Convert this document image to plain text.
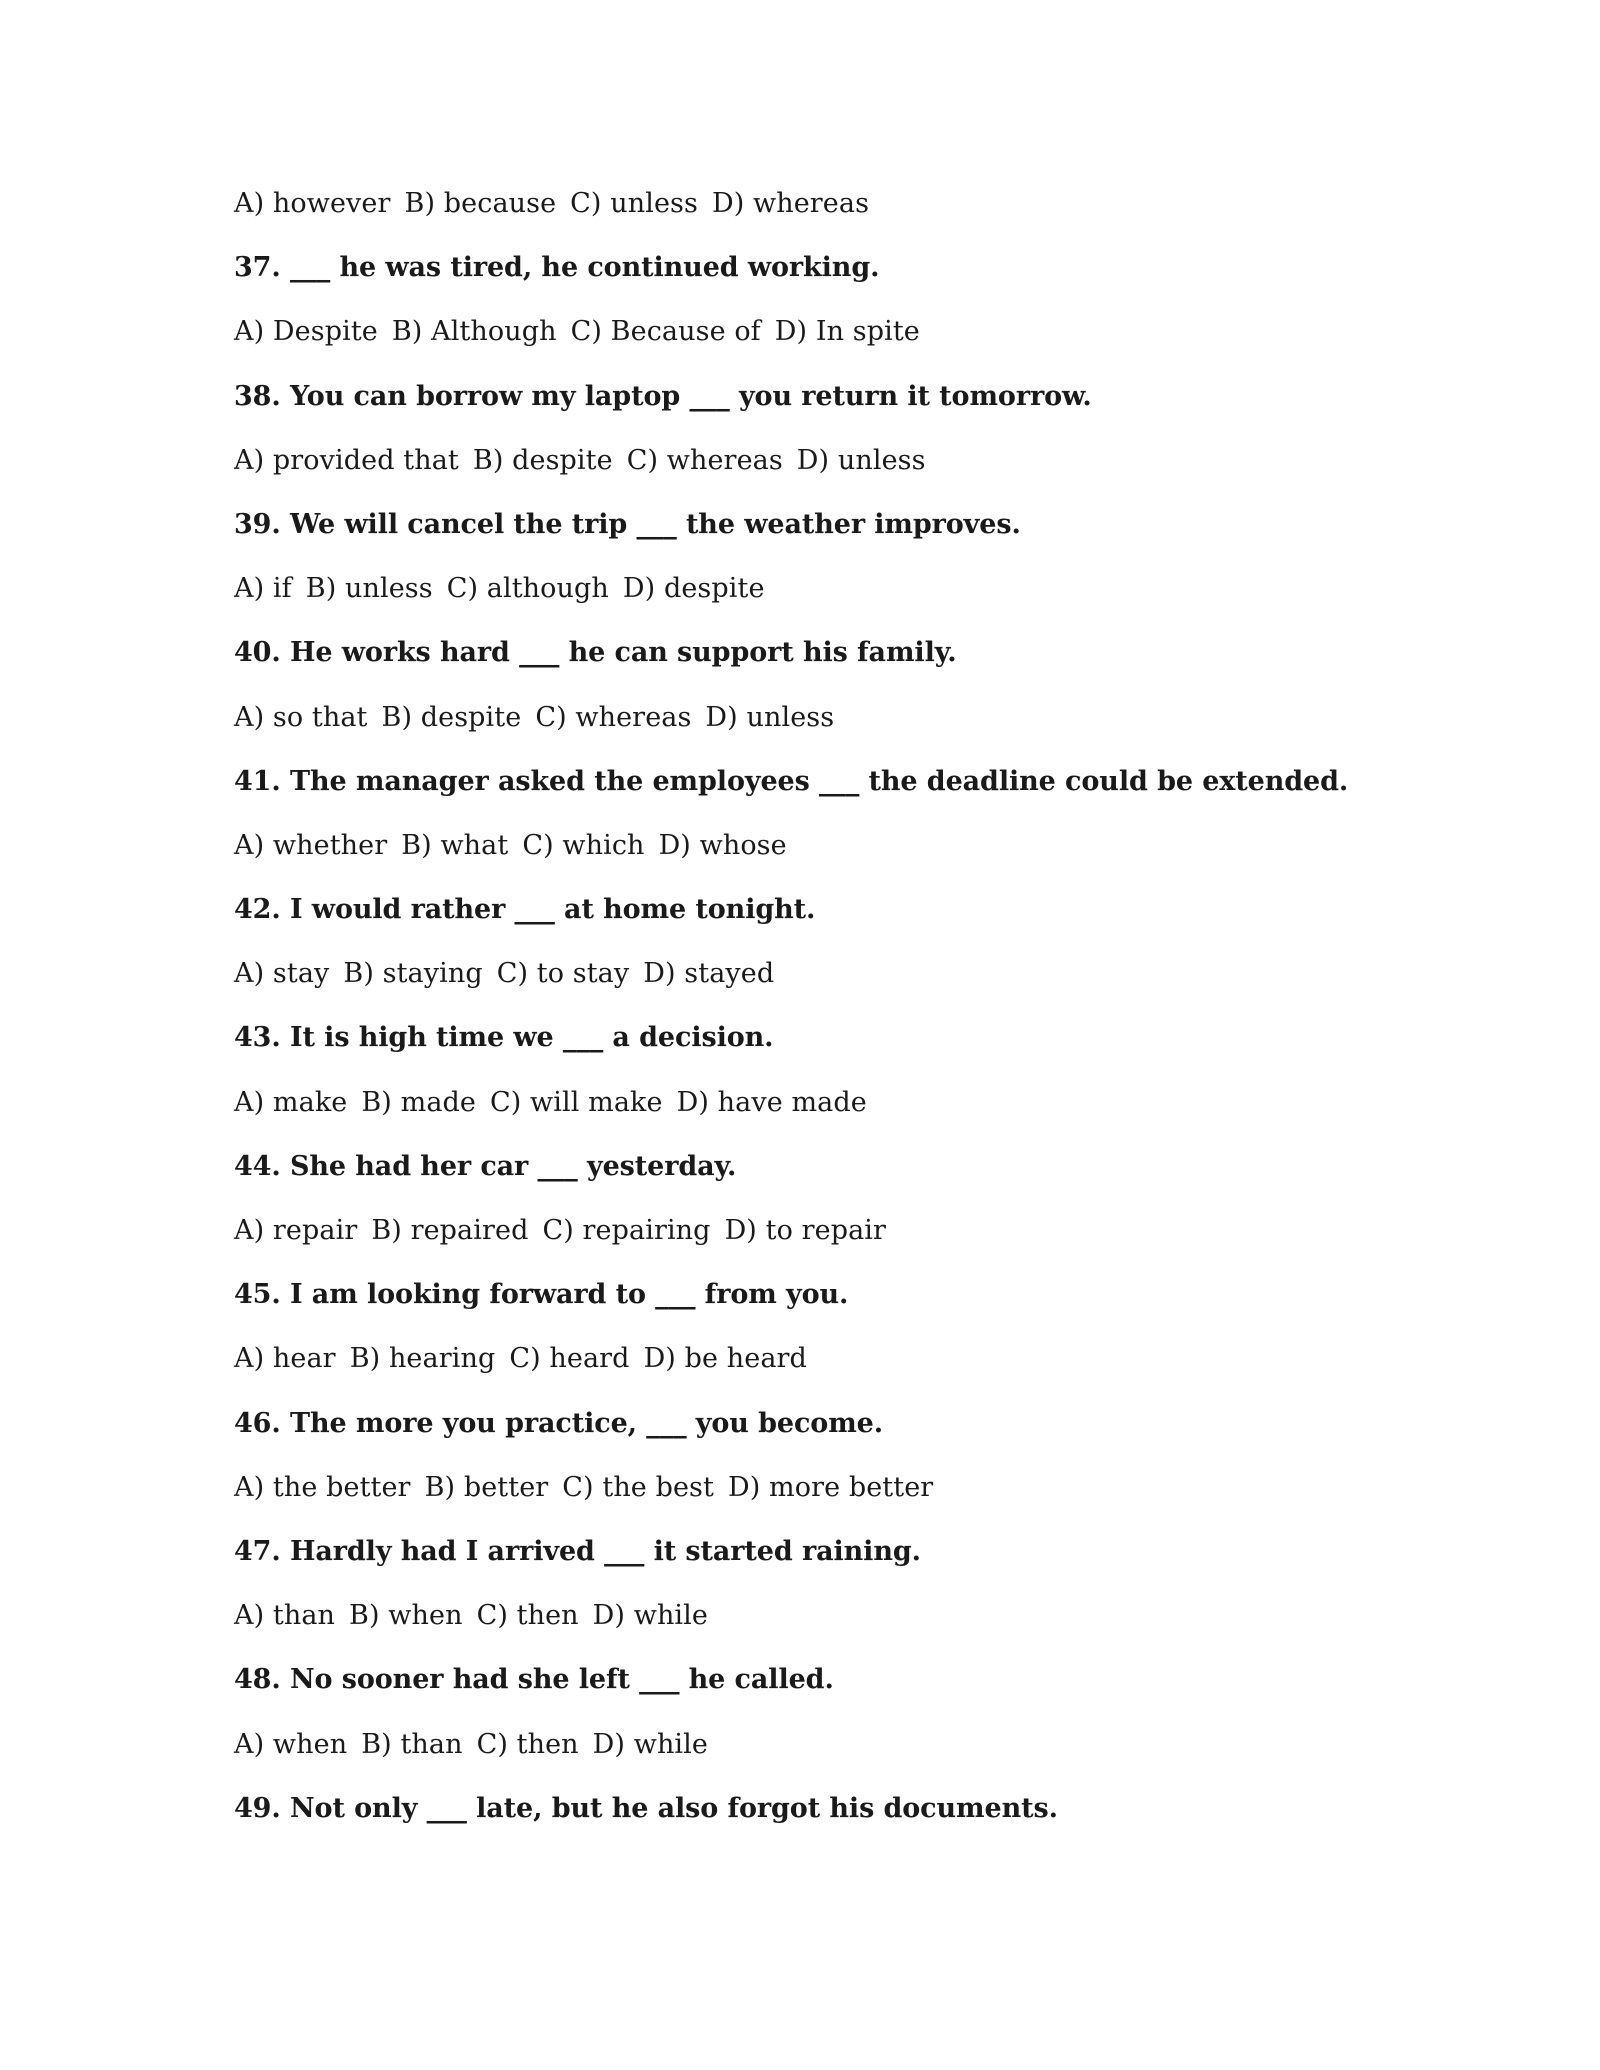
A) however B) because C) unless D) whereas
37. ___ he was tired, he continued working.
A) Despite B) Although C) Because of D) In spite
38. You can borrow my laptop ___ you return it tomorrow.
A) provided that B) despite C) whereas D) unless
39. We will cancel the trip ___ the weather improves.
A) if B) unless C) although D) despite
40. He works hard ___ he can support his family.
A) so that B) despite C) whereas D) unless
41. The manager asked the employees ___ the deadline could be extended.
A) whether B) what C) which D) whose
42. I would rather ___ at home tonight.
A) stay B) staying C) to stay D) stayed
43. It is high time we ___ a decision.
A) make B) made C) will make D) have made
44. She had her car ___ yesterday.
A) repair B) repaired C) repairing D) to repair
45. I am looking forward to ___ from you.
A) hear B) hearing C) heard D) be heard
46. The more you practice, ___ you become.
A) the better B) better C) the best D) more better
47. Hardly had I arrived ___ it started raining.
A) than B) when C) then D) while
48. No sooner had she left ___ he called.
A) when B) than C) then D) while
49. Not only ___ late, but he also forgot his documents.
